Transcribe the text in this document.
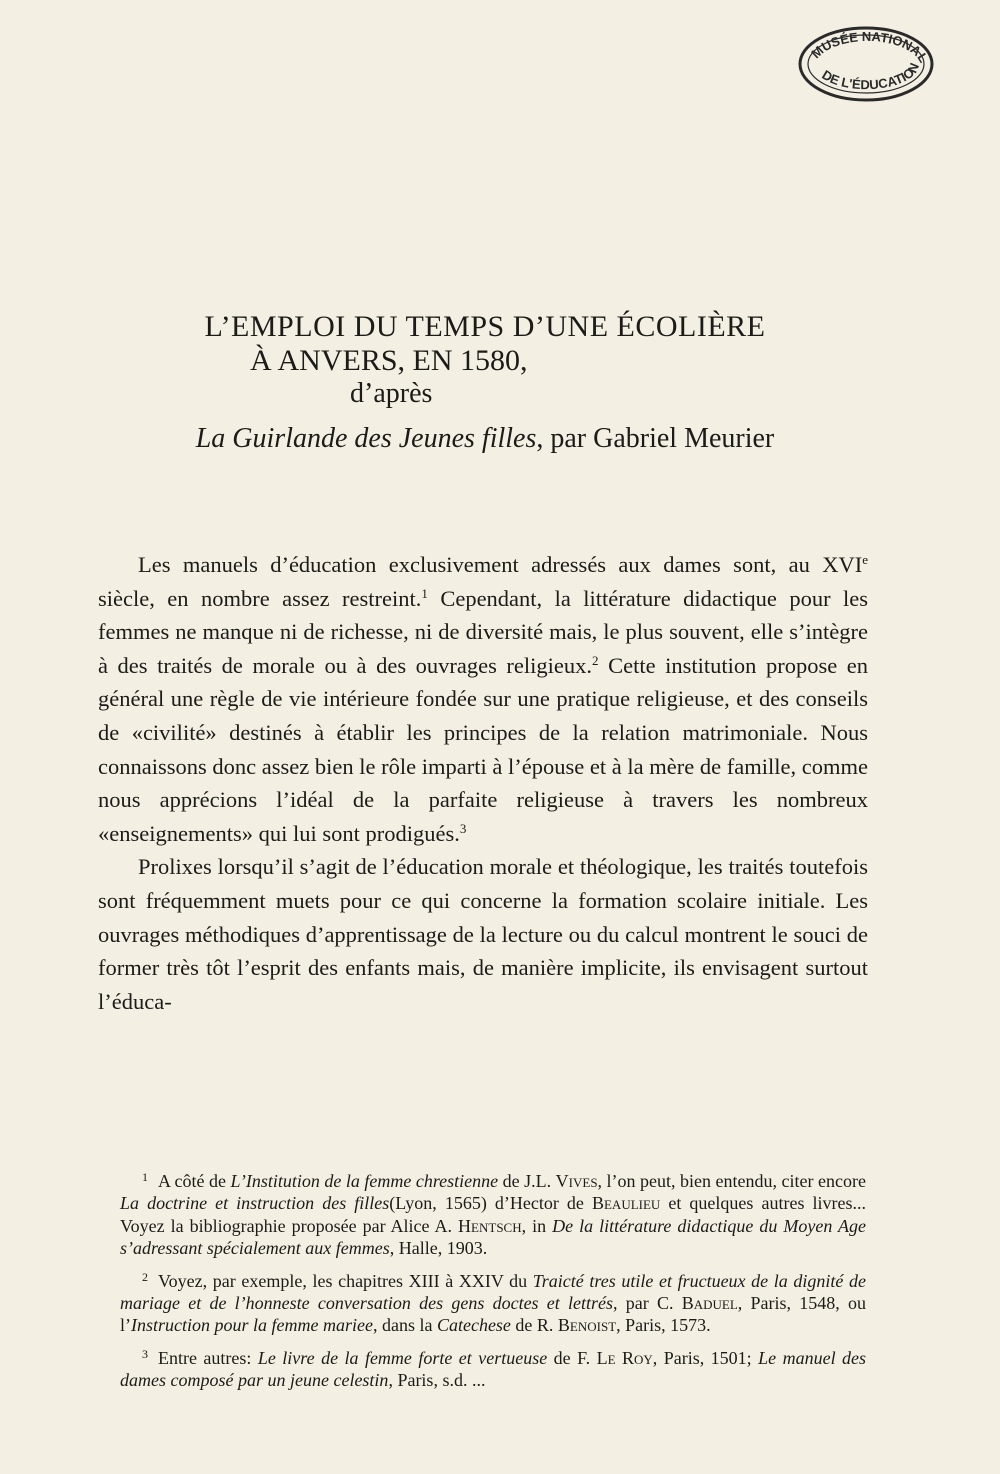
MUSÉE NATIONAL
DE L'ÉDUCATION
L’EMPLOI DU TEMPS D’UNE ÉCOLIÈRE
À ANVERS, EN 1580,
d’après
La Guirlande des Jeunes filles, par Gabriel Meurier

Les manuels d’éducation exclusivement adressés aux dames sont, au XVIe siècle, en nombre assez restreint.$^1$ Cependant, la littérature didactique pour les femmes ne manque ni de richesse, ni de diversité mais, le plus souvent, elle s’intègre à des traités de morale ou à des ouvrages religieux.$^2$ Cette institution propose en général une règle de vie intérieure fondée sur une pratique religieuse, et des conseils de «civilité» destinés à établir les principes de la relation matrimoniale. Nous connaissons donc assez bien le rôle imparti à l’épouse et à la mère de famille, comme nous apprécions l’idéal de la parfaite religieuse à travers les nombreux «enseignements» qui lui sont prodigués.$^3$

Prolixes lorsqu’il s’agit de l’éducation morale et théologique, les traités toutefois sont fréquemment muets pour ce qui concerne la formation scolaire initiale. Les ouvrages méthodiques d’apprentissage de la lecture ou du calcul montrent le souci de former très tôt l’esprit des enfants mais, de manière implicite, ils envisagent surtout l’éduca-

$^1$ A côté de L’Institution de la femme chrestienne de J.L. Vives, l’on peut, bien entendu, citer encore La doctrine et instruction des filles(Lyon, 1565) d’Hector de Beaulieu et quelques autres livres... Voyez la bibliographie proposée par Alice A. Hentsch, in De la littérature didactique du Moyen Age s’adressant spécialement aux femmes, Halle, 1903.

$^2$ Voyez, par exemple, les chapitres XIII à XXIV du Traicté tres utile et fructueux de la dignité de mariage et de l’honneste conversation des gens doctes et lettrés, par C. Baduel, Paris, 1548, ou l’Instruction pour la femme mariee, dans la Catechese de R. Benoist, Paris, 1573.

$^3$ Entre autres: Le livre de la femme forte et vertueuse de F. Le Roy, Paris, 1501; Le manuel des dames composé par un jeune celestin, Paris, s.d. ...
